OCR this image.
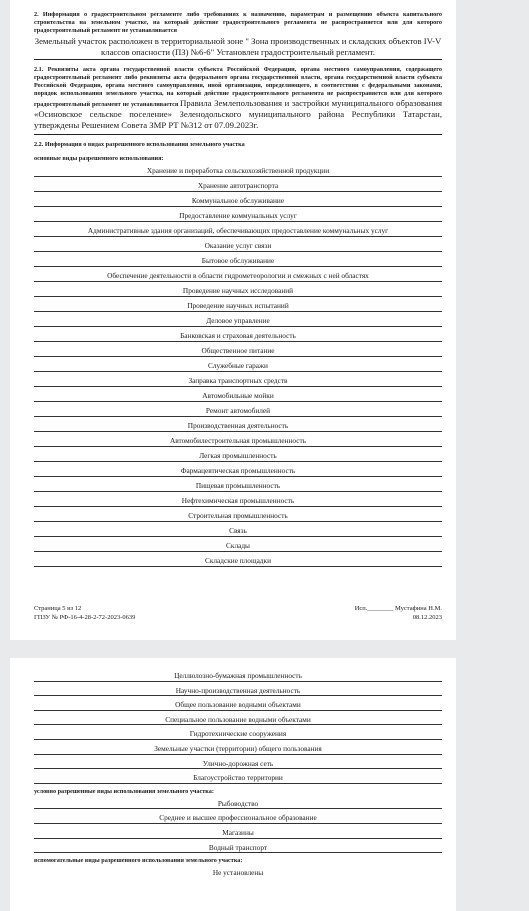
2. Информация о градостроительном регламенте либо требованиях к назначению, параметрам и размещению объекта капитального строительства на земельном участке, на который действие градостроительного регламента не распространяется или для которого градостроительный регламент не устанавливается
Земельный участок расположен в территориальной зоне " Зона производственных и складских объектов IV-V классов опасности (ПЗ) №6-6" Установлен градостроительный регламент.
2.1. Реквизиты акта органа государственной власти субъекта Российской Федерации, органа местного самоуправления, содержащего градостроительный регламент либо реквизиты акта федерального органа государственной власти, органа государственной власти субъекта Российской Федерации, органа местного самоуправления, иной организации, определяющего, в соответствии с федеральными законами, порядок использования земельного участка, на который действие градостроительного регламента не распространяется или для которого градостроительный регламент не устанавливается Правила Землепользования и застройки муниципального образования «Осиновское сельское поселение» Зеленодольского муниципального района Республики Татарстан, утверждены Решением Совета ЗМР РТ №312 от 07.09.2023г.
2.2. Информация о видах разрешенного использования земельного участка
основные виды разрешенного использования:
Хранение и переработка сельскохозяйственной продукции
Хранение автотранспорта
Коммунальное обслуживание
Предоставление коммунальных услуг
Административные здания организаций, обеспечивающих предоставление коммунальных услуг
Оказание услуг связи
Бытовое обслуживание
Обеспечение деятельности в области гидрометеорологии и смежных с ней областях
Проведение научных исследований
Проведение научных испытаний
Деловое управление
Банковская и страховая деятельность
Общественное питание
Служебные гаражи
Заправка транспортных средств
Автомобильные мойки
Ремонт автомобилей
Производственная деятельность
Автомобилестроительная промышленность
Легкая промышленность
Фармацевтическая промышленность
Пищевая промышленность
Нефтехимическая промышленность
Строительная промышленность
Связь
Склады
Складские площадки
Страница 5 из 12
ГПЗУ № РФ-16-4-28-2-72-2023-0639
Исп.________ Мустафина Н.М.
08.12.2023
Целлюлозно-бумажная промышленность
Научно-производственная деятельность
Общее пользование водными объектами
Специальное пользование водными объектами
Гидротехнические сооружения
Земельные участки (территории) общего пользования
Улично-дорожная сеть
Благоустройство территории
условно разрешенные виды использования земельного участка:
Рыбоводство
Среднее и высшее профессиональное образование
Магазины
Водный транспорт
вспомогательные виды разрешенного использования земельного участка:
Не установлены
